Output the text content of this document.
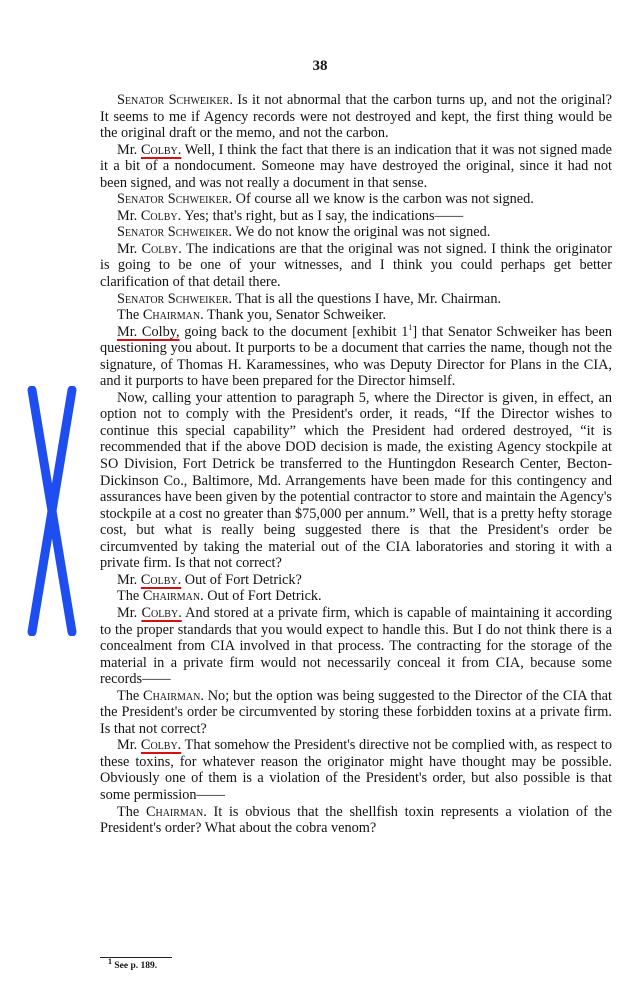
38

Senator Schweiker. Is it not abnormal that the carbon turns up, and not the original? It seems to me if Agency records were not destroyed and kept, the first thing would be the original draft or the memo, and not the carbon.

Mr. Colby. Well, I think the fact that there is an indication that it was not signed made it a bit of a nondocument. Someone may have destroyed the original, since it had not been signed, and was not really a document in that sense.

Senator Schweiker. Of course all we know is the carbon was not signed.

Mr. Colby. Yes; that's right, but as I say, the indications——

Senator Schweiker. We do not know the original was not signed.

Mr. Colby. The indications are that the original was not signed. I think the originator is going to be one of your witnesses, and I think you could perhaps get better clarification of that detail there.

Senator Schweiker. That is all the questions I have, Mr. Chairman.

The Chairman. Thank you, Senator Schweiker.

Mr. Colby, going back to the document [exhibit $1^1$] that Senator Schweiker has been questioning you about. It purports to be a document that carries the name, though not the signature, of Thomas H. Karamessines, who was Deputy Director for Plans in the CIA, and it purports to have been prepared for the Director himself.

Now, calling your attention to paragraph 5, where the Director is given, in effect, an option not to comply with the President's order, it reads, “If the Director wishes to continue this special capability” which the President had ordered destroyed, “it is recommended that if the above DOD decision is made, the existing Agency stockpile at SO Division, Fort Detrick be transferred to the Huntingdon Research Center, Becton-Dickinson Co., Baltimore, Md. Arrangements have been made for this contingency and assurances have been given by the potential contractor to store and maintain the Agency's stockpile at a cost no greater than $75,000 per annum.” Well, that is a pretty hefty storage cost, but what is really being suggested there is that the President's order be circumvented by taking the material out of the CIA laboratories and storing it with a private firm. Is that not correct?

Mr. Colby. Out of Fort Detrick?

The Chairman. Out of Fort Detrick.

Mr. Colby. And stored at a private firm, which is capable of maintaining it according to the proper standards that you would expect to handle this. But I do not think there is a concealment from CIA involved in that process. The contracting for the storage of the material in a private firm would not necessarily conceal it from CIA, because some records——

The Chairman. No; but the option was being suggested to the Director of the CIA that the President's order be circumvented by storing these forbidden toxins at a private firm. Is that not correct?

Mr. Colby. That somehow the President's directive not be complied with, as respect to these toxins, for whatever reason the originator might have thought may be possible. Obviously one of them is a violation of the President's order, but also possible is that some permission——

The Chairman. It is obvious that the shellfish toxin represents a violation of the President's order? What about the cobra venom?

$^1$ See p. 189.
